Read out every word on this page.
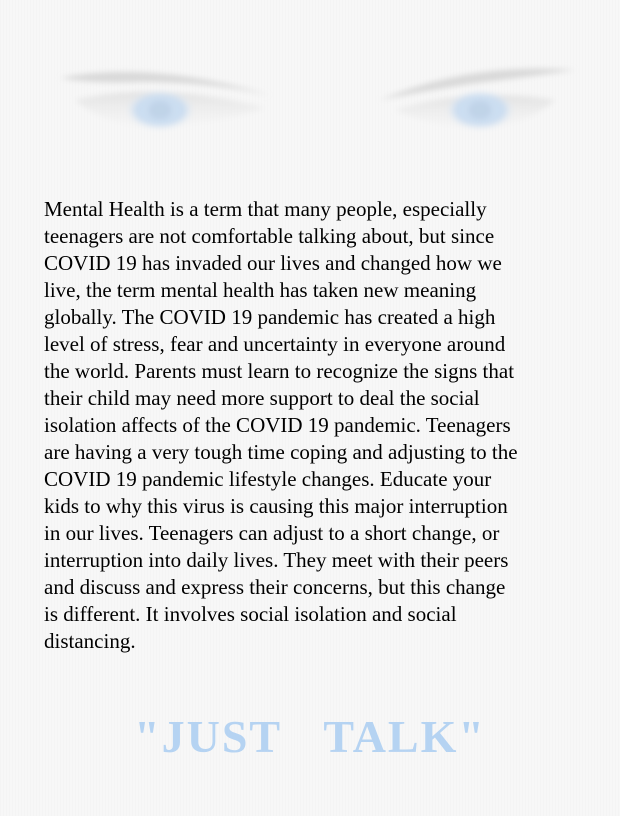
Mental Health is a term that many people, especially
teenagers are not comfortable talking about, but since
COVID 19 has invaded our lives and changed how we
live, the term mental health has taken new meaning
globally. The COVID 19 pandemic has created a high
level of stress, fear and uncertainty in everyone around
the world. Parents must learn to recognize the signs that
their child may need more support to deal the social
isolation affects of the COVID 19 pandemic. Teenagers
are having a very tough time coping and adjusting to the
COVID 19 pandemic lifestyle changes. Educate your
kids to why this virus is causing this major interruption
in our lives. Teenagers can adjust to a short change, or
interruption into daily lives. They meet with their peers
and discuss and express their concerns, but this change
is different. It involves social isolation and social
distancing.

"JUST  TALK"
